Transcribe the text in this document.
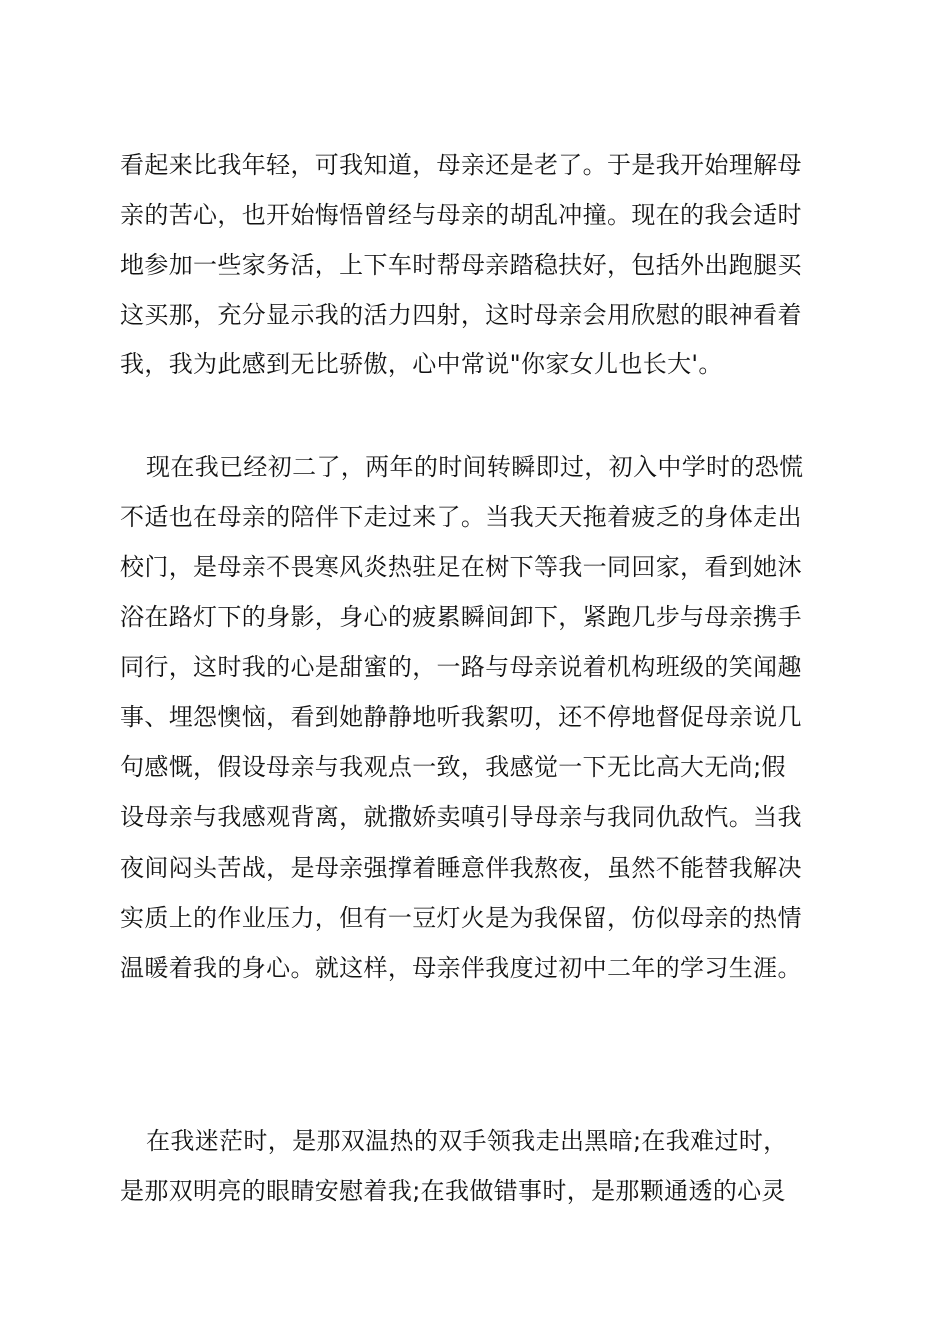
看起来比我年轻，可我知道，母亲还是老了。于是我开始理解母
亲的苦心，也开始悔悟曾经与母亲的胡乱冲撞。现在的我会适时
地参加一些家务活，上下车时帮母亲踏稳扶好，包括外出跑腿买
这买那，充分显示我的活力四射，这时母亲会用欣慰的眼神看着
我，我为此感到无比骄傲，心中常说"你家女儿也长大'。
现在我已经初二了，两年的时间转瞬即过，初入中学时的恐慌
不适也在母亲的陪伴下走过来了。当我天天拖着疲乏的身体走出
校门，是母亲不畏寒风炎热驻足在树下等我一同回家，看到她沐
浴在路灯下的身影，身心的疲累瞬间卸下，紧跑几步与母亲携手
同行，这时我的心是甜蜜的，一路与母亲说着机构班级的笑闻趣
事、埋怨懊恼，看到她静静地听我絮叨，还不停地督促母亲说几
句感慨，假设母亲与我观点一致，我感觉一下无比高大无尚;假
设母亲与我感观背离，就撒娇卖嗔引导母亲与我同仇敌忾。当我
夜间闷头苦战，是母亲强撑着睡意伴我熬夜，虽然不能替我解决
实质上的作业压力，但有一豆灯火是为我保留，仿似母亲的热情
温暖着我的身心。就这样，母亲伴我度过初中二年的学习生涯。
在我迷茫时，是那双温热的双手领我走出黑暗;在我难过时，
是那双明亮的眼睛安慰着我;在我做错事时，是那颗通透的心灵
